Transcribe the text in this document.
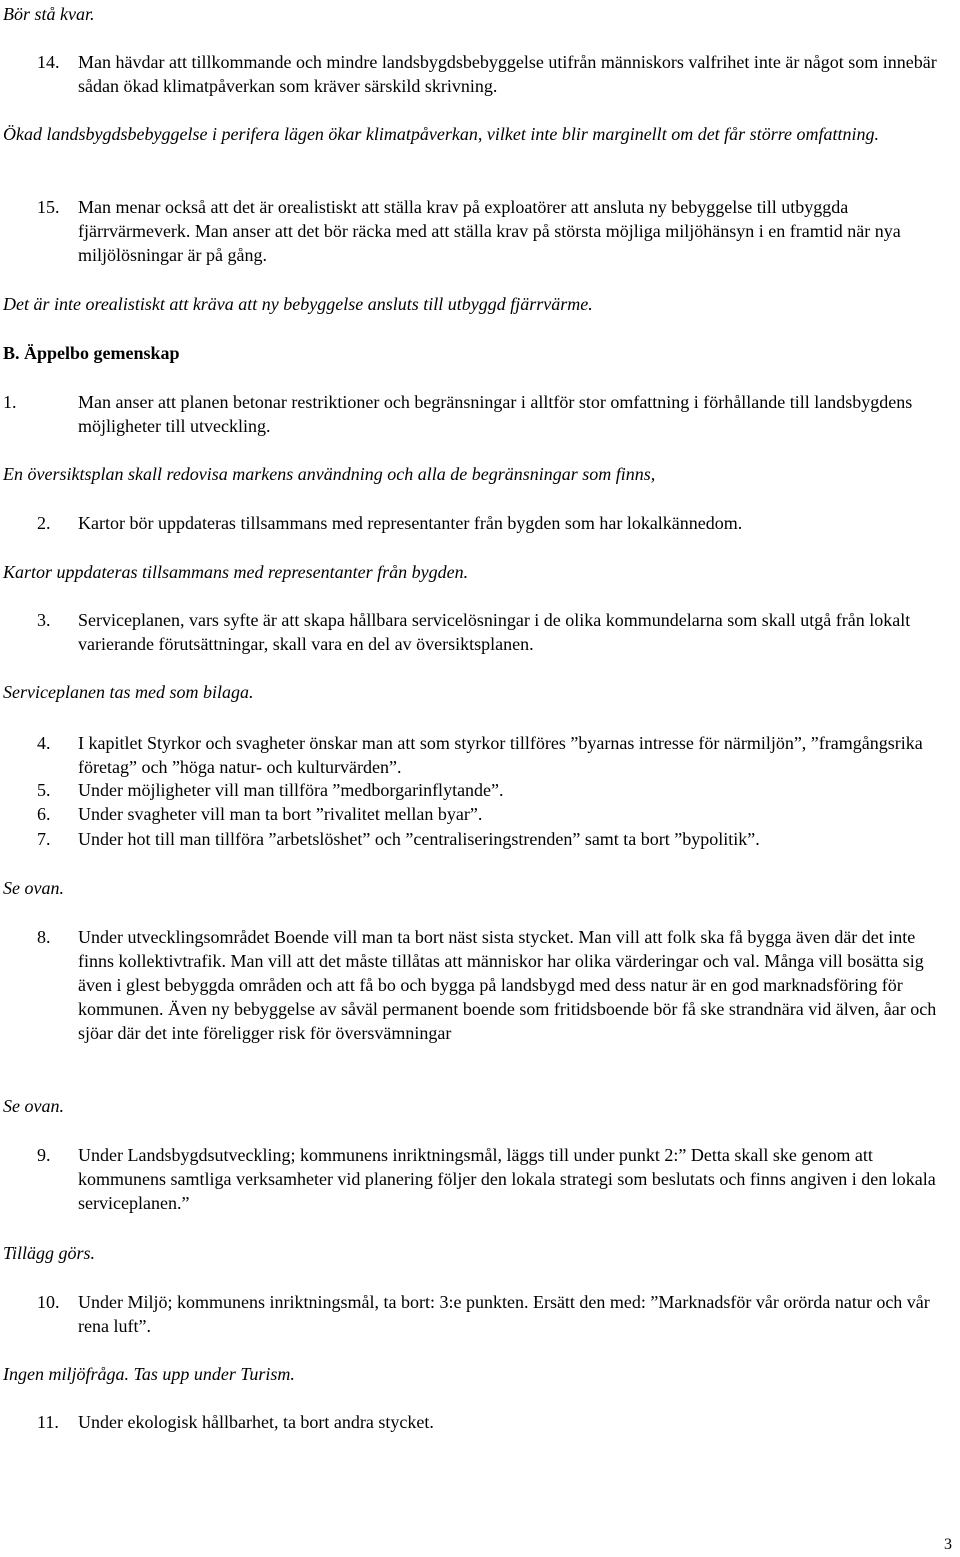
Bör stå kvar.
14. Man hävdar att tillkommande och mindre landsbygdsbebyggelse utifrån människors valfrihet inte är något som innebär sådan ökad klimatpåverkan som kräver särskild skrivning.
Ökad landsbygdsbebyggelse i perifera lägen ökar klimatpåverkan, vilket inte blir marginellt om det får större omfattning.
15. Man menar också att det är orealistiskt att ställa krav på exploatörer att ansluta ny bebyggelse till utbyggda fjärrvärmeverk. Man anser att det bör räcka med att ställa krav på största möjliga miljöhänsyn i en framtid när nya miljölösningar är på gång.
Det är inte orealistiskt att kräva att ny bebyggelse ansluts till utbyggd fjärrvärme.
B. Äppelbo gemenskap
1.	Man anser att planen betonar restriktioner och begränsningar i alltför stor omfattning i förhållande till landsbygdens möjligheter till utveckling.
En översiktsplan skall redovisa markens användning och alla de begränsningar som finns,
2. Kartor bör uppdateras tillsammans med representanter från bygden som har lokalkännedom.
Kartor uppdateras tillsammans med representanter från bygden.
3. Serviceplanen, vars syfte är att skapa hållbara servicelösningar i de olika kommundelarna som skall utgå från lokalt varierande förutsättningar, skall vara en del av översiktsplanen.
Serviceplanen tas med som bilaga.
4. I kapitlet Styrkor och svagheter önskar man att som styrkor tillföres ”byarnas intresse för närmiljön”, ”framgångsrika företag” och ”höga natur- och kulturvärden”.
5. Under möjligheter vill man tillföra ”medborgarinflytande”.
6. Under svagheter vill man ta bort ”rivalitet mellan byar”.
7. Under hot till man tillföra ”arbetslöshet” och ”centraliseringstrenden” samt ta bort ”bypolitik”.
Se ovan.
8. Under utvecklingsområdet Boende vill man ta bort näst sista stycket. Man vill att folk ska få bygga även där det inte finns kollektivtrafik. Man vill att det måste tillåtas att människor har olika värderingar och val. Många vill bosätta sig även i glest bebyggda områden och att få bo och bygga på landsbygd med dess natur är en god marknadsföring för kommunen. Även ny bebyggelse av såväl permanent boende som fritidsboende bör få ske strandnära vid älven, åar och sjöar där det inte föreligger risk för översvämningar
Se ovan.
9. Under Landsbygdsutveckling; kommunens inriktningsmål, läggs till under punkt 2:” Detta skall ske genom att kommunens samtliga verksamheter vid planering följer den lokala strategi som beslutats och finns angiven i den lokala serviceplanen.”
Tillägg görs.
10. Under Miljö; kommunens inriktningsmål, ta bort: 3:e punkten. Ersätt den med: ”Marknadsför vår orörda natur och vår rena luft”.
Ingen miljöfråga. Tas upp under Turism.
11. Under ekologisk hållbarhet, ta bort andra stycket.
3
